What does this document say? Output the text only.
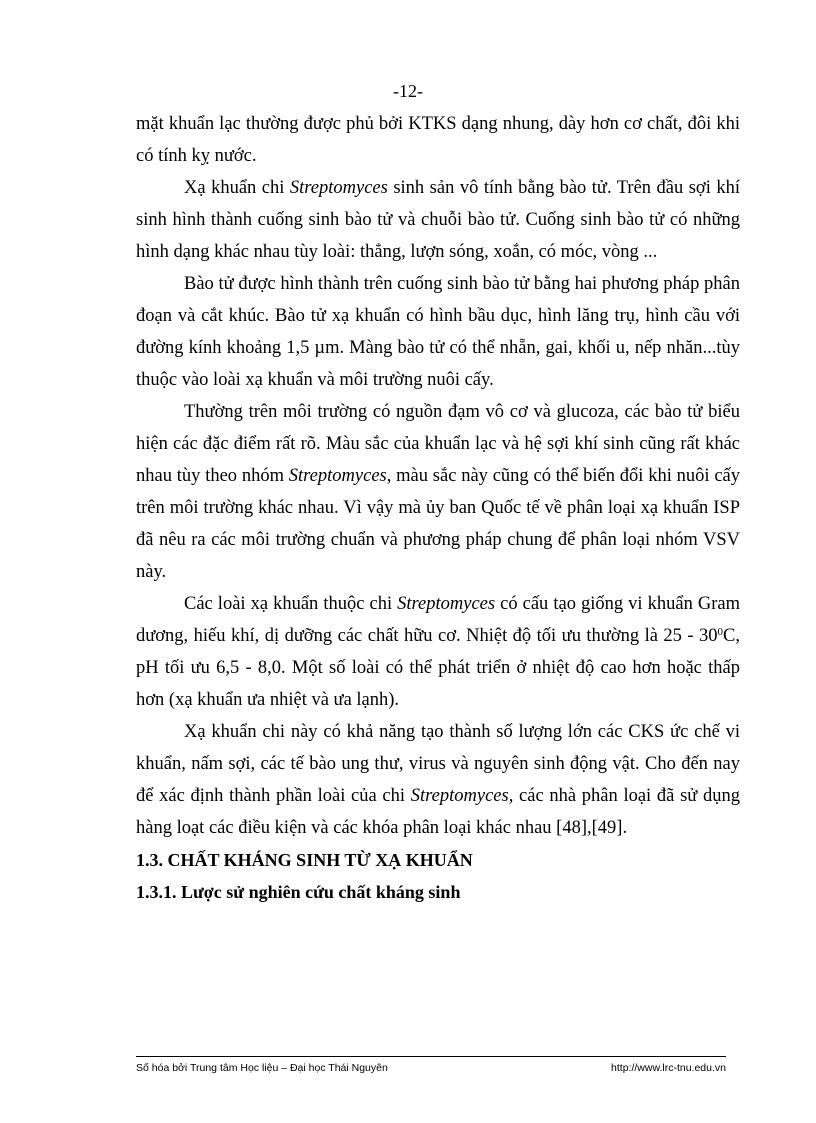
-12-

mặt khuẩn lạc thường được phủ bởi KTKS dạng nhung, dày hơn cơ chất, đôi khi có tính kỵ nước.

Xạ khuẩn chi Streptomyces sinh sản vô tính bằng bào tử. Trên đầu sợi khí sinh hình thành cuống sinh bào tử và chuỗi bào tử. Cuống sinh bào tử có những hình dạng khác nhau tùy loài: thẳng, lượn sóng, xoắn, có móc, vòng ...

Bào tử được hình thành trên cuống sinh bào tử bằng hai phương pháp phân đoạn và cắt khúc. Bào tử xạ khuẩn có hình bầu dục, hình lăng trụ, hình cầu với đường kính khoảng 1,5 µm. Màng bào tử có thể nhẵn, gai, khối u, nếp nhăn...tùy thuộc vào loài xạ khuẩn và môi trường nuôi cấy.

Thường trên môi trường có nguồn đạm vô cơ và glucoza, các bào tử biểu hiện các đặc điểm rất rõ. Màu sắc của khuẩn lạc và hệ sợi khí sinh cũng rất khác nhau tùy theo nhóm Streptomyces, màu sắc này cũng có thể biến đổi khi nuôi cấy trên môi trường khác nhau. Vì vậy mà ủy ban Quốc tế về phân loại xạ khuẩn ISP đã nêu ra các môi trường chuẩn và phương pháp chung để phân loại nhóm VSV này.

Các loài xạ khuẩn thuộc chi Streptomyces có cấu tạo giống vi khuẩn Gram dương, hiếu khí, dị dưỡng các chất hữu cơ. Nhiệt độ tối ưu thường là $25 - 30^0C$, pH tối ưu 6,5 - 8,0. Một số loài có thể phát triển ở nhiệt độ cao hơn hoặc thấp hơn (xạ khuẩn ưa nhiệt và ưa lạnh).

Xạ khuẩn chi này có khả năng tạo thành số lượng lớn các CKS ức chế vi khuẩn, nấm sợi, các tế bào ung thư, virus và nguyên sinh động vật. Cho đến nay để xác định thành phần loài của chi Streptomyces, các nhà phân loại đã sử dụng hàng loạt các điều kiện và các khóa phân loại khác nhau [48],[49].

1.3. CHẤT KHÁNG SINH TỪ XẠ KHUẨN

1.3.1. Lược sử nghiên cứu chất kháng sinh

Số hóa bởi Trung tâm Học liệu – Đại học Thái Nguyên	http://www.lrc-tnu.edu.vn
